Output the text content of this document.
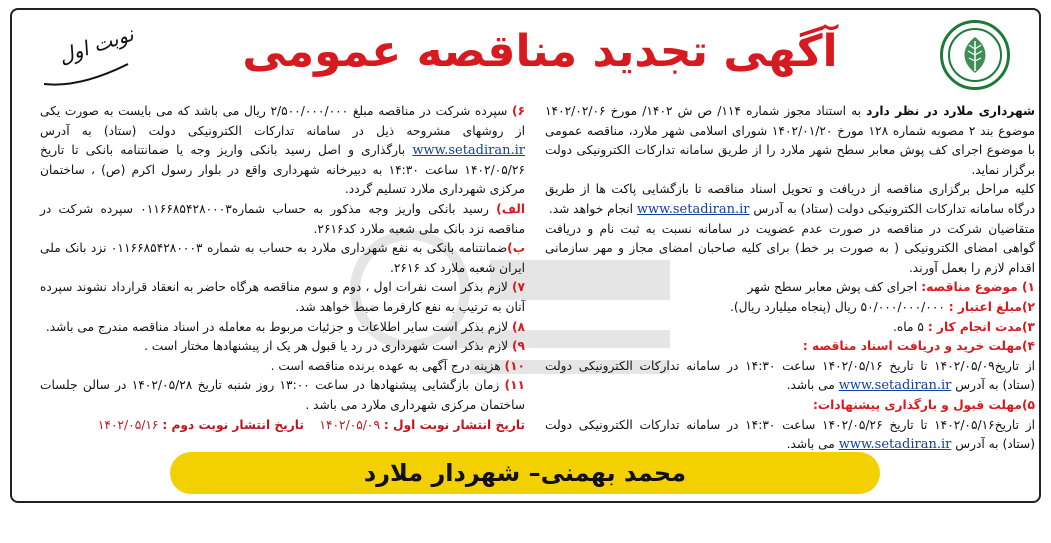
آگهی تجدید مناقصه عمومی
نوبت اول

شهرداری ملارد در نظر دارد به استناد مجوز شماره ۱۱۴/ ص ش ۱۴۰۲/ مورخ ۱۴۰۲/۰۲/۰۶ موضوع بند ۲ مصوبه شماره ۱۲۸ مورخ ۱۴۰۲/۰۱/۲۰ شورای اسلامی شهر ملارد، مناقصه عمومی با موضوع اجرای کف پوش معابر سطح شهر ملارد را از طریق سامانه تدارکات الکترونیکی دولت برگزار نماید.

کلیه مراحل برگزاری مناقصه از دریافت و تحویل اسناد مناقصه تا بازگشایی پاکت ها از طریق درگاه سامانه تدارکات الکترونیکی دولت (ستاد) به آدرس www.setadiran.ir انجام خواهد شد.

متقاضیان شرکت در مناقصه در صورت عدم عضویت در سامانه نسبت به ثبت نام و دریافت گواهی امضای الکترونیکی ( به صورت بر خط) برای کلیه صاحبان امضای مجاز و مهر سازمانی اقدام لازم را بعمل آورند.

۱) موضوع مناقصه: اجرای کف پوش معابر سطح شهر

۲)مبلغ اعتبار : ۵۰/۰۰۰/۰۰۰/۰۰۰ ریال (پنجاه میلیارد ریال).

۳)مدت انجام کار : ۵ ماه.

۴)مهلت خرید و دریافت اسناد مناقصه :

از تاریخ۱۴۰۲/۰۵/۰۹ تا تاریخ ۱۴۰۲/۰۵/۱۶ ساعت ۱۴:۳۰ در سامانه تدارکات الکترونیکی دولت (ستاد) به آدرس www.setadiran.ir می باشد.

۵)مهلت قبول و بارگذاری پیشنهادات:

از تاریخ۱۴۰۲/۰۵/۱۶ تا تاریخ ۱۴۰۲/۰۵/۲۶ ساعت ۱۴:۳۰ در سامانه تدارکات الکترونیکی دولت (ستاد) به آدرس www.setadiran.ir می باشد.

۶) سپرده شرکت در مناقصه مبلغ ۲/۵۰۰/۰۰۰/۰۰۰ ریال می باشد که می بایست به صورت یکی از روشهای مشروحه ذیل در سامانه تدارکات الکترونیکی دولت (ستاد) به آدرس www.setadiran.ir بارگذاری و اصل رسید بانکی واریز وجه یا ضمانتنامه بانکی تا تاریخ ۱۴۰۲/۰۵/۲۶ ساعت ۱۴:۳۰ به دبیرخانه شهرداری واقع در بلوار رسول اکرم (ص) ، ساختمان مرکزی شهرداری ملارد تسلیم گردد.

الف) رسید بانکی واریز وجه مذکور به حساب شماره۰۱۱۶۶۸۵۴۲۸۰۰۰۳ سپرده شرکت در مناقصه نزد بانک ملی شعبه ملارد کد۲۶۱۶.

ب)ضمانتنامه بانکی به نفع شهرداری ملارد به حساب به شماره ۰۱۱۶۶۸۵۴۲۸۰۰۰۳ نزد بانک ملی ایران شعبه ملارد کد ۲۶۱۶.

۷) لازم بذکر است نفرات اول ، دوم و سوم مناقصه هرگاه حاضر به انعقاد قرارداد نشوند سپرده آنان به ترتیب به نفع کارفرما ضبط خواهد شد.

۸) لازم بذکر است سایر اطلاعات و جزئیات مربوط به معامله در اسناد مناقصه مندرج می باشد.

۹) لازم بذکر است شهرداری در رد یا قبول هر یک از پیشنهادها مختار است .

۱۰) هزینه درج آگهی به عهده برنده مناقصه است .

۱۱) زمان بازگشایی پیشنهادها در ساعت ۱۳:۰۰ روز شنبه تاریخ ۱۴۰۲/۰۵/۲۸ در سالن جلسات ساختمان مرکزی شهرداری ملارد می باشد .

تاریخ انتشار نوبت اول : ۱۴۰۲/۰۵/۰۹    تاریخ انتشار نوبت دوم : ۱۴۰۲/۰۵/۱۶

محمد بهمنی– شهردار ملارد
